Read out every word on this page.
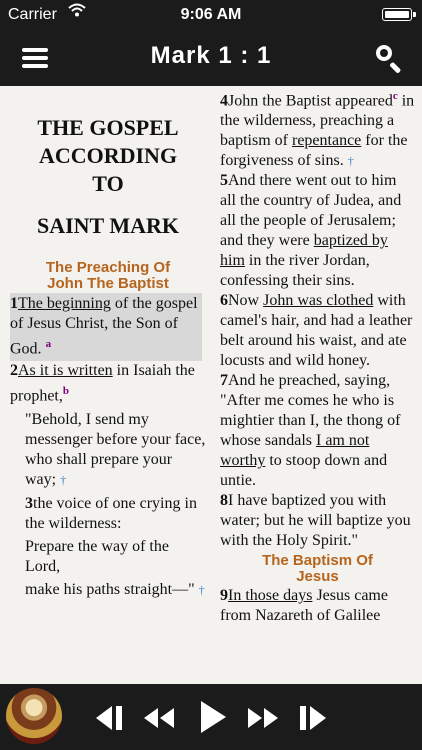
Carrier	9:06 AM
Mark 1 : 1
THE GOSPEL
ACCORDING
TO
SAINT MARK
The Preaching Of
John The Baptist
1The beginning of the gospel of Jesus Christ, the Son of God. $^a$
2As it is written in Isaiah the prophet,$^b$
"Behold, I send my messenger before your face,
who shall prepare your way; †
3the voice of one crying in the wilderness:
Prepare the way of the Lord,
make his paths straight—" †
4John the Baptist appeared$^c$ in the wilderness, preaching a baptism of repentance for the forgiveness of sins. †
5And there went out to him all the country of Judea, and all the people of Jerusalem; and they were baptized by him in the river Jordan, confessing their sins.
6Now John was clothed with camel's hair, and had a leather belt around his waist, and ate locusts and wild honey.
7And he preached, saying, "After me comes he who is mightier than I, the thong of whose sandals I am not worthy to stoop down and untie.
8I have baptized you with water; but he will baptize you with the Holy Spirit."
The Baptism Of
Jesus
9In those days Jesus came from Nazareth of Galilee
